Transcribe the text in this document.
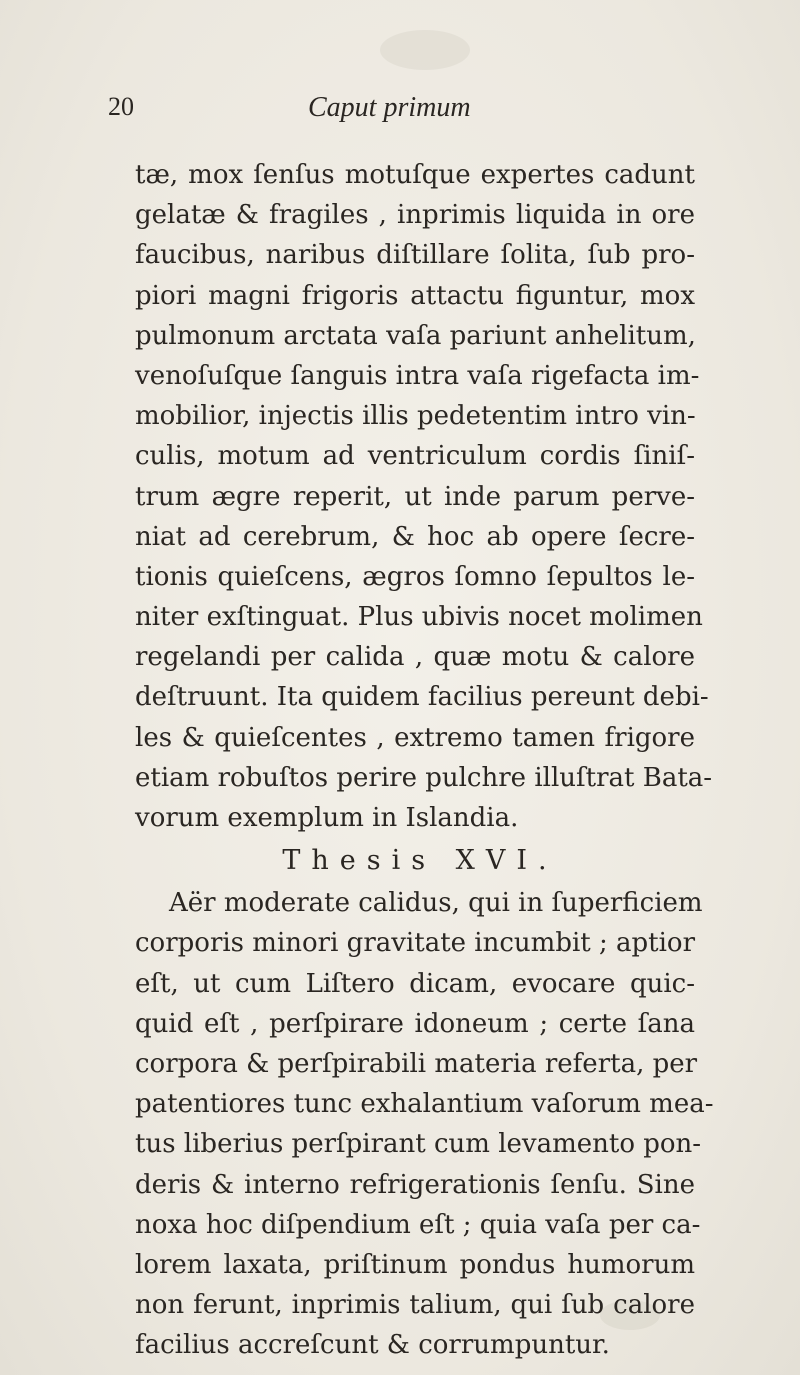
20	Caput primum
tæ, mox ſenſus motuſque expertes cadunt
gelatæ & fragiles , inprimis liquida in ore
faucibus, naribus diſtillare ſolita, ſub pro-
piori magni frigoris attactu figuntur, mox
pulmonum arctata vaſa pariunt anhelitum,
venoſuſque ſanguis intra vaſa rigefacta im-
mobilior, injectis illis pedetentim intro vin-
culis, motum ad ventriculum cordis ſiniſ-
trum ægre reperit, ut inde parum perve-
niat ad cerebrum, & hoc ab opere ſecre-
tionis quieſcens, ægros ſomno ſepultos le-
niter exſtinguat. Plus ubivis nocet molimen
regelandi per calida , quæ motu & calore
deſtruunt. Ita quidem facilius pereunt debi-
les & quieſcentes , extremo tamen frigore
etiam robuſtos perire pulchre illuſtrat Bata-
vorum exemplum in Islandia.
Thesis XVI.
Aër moderate calidus, qui in ſuperficiem
corporis minori gravitate incumbit ; aptior
eſt, ut cum Liſtero dicam, evocare quic-
quid eſt , perſpirare idoneum ; certe ſana
corpora & perſpirabili materia referta, per
patentiores tunc exhalantium vaſorum mea-
tus liberius perſpirant cum levamento pon-
deris & interno refrigerationis ſenſu. Sine
noxa hoc diſpendium eſt ; quia vaſa per ca-
lorem laxata, priſtinum pondus humorum
non ferunt, inprimis talium, qui ſub calore
facilius accreſcunt & corrumpuntur.
